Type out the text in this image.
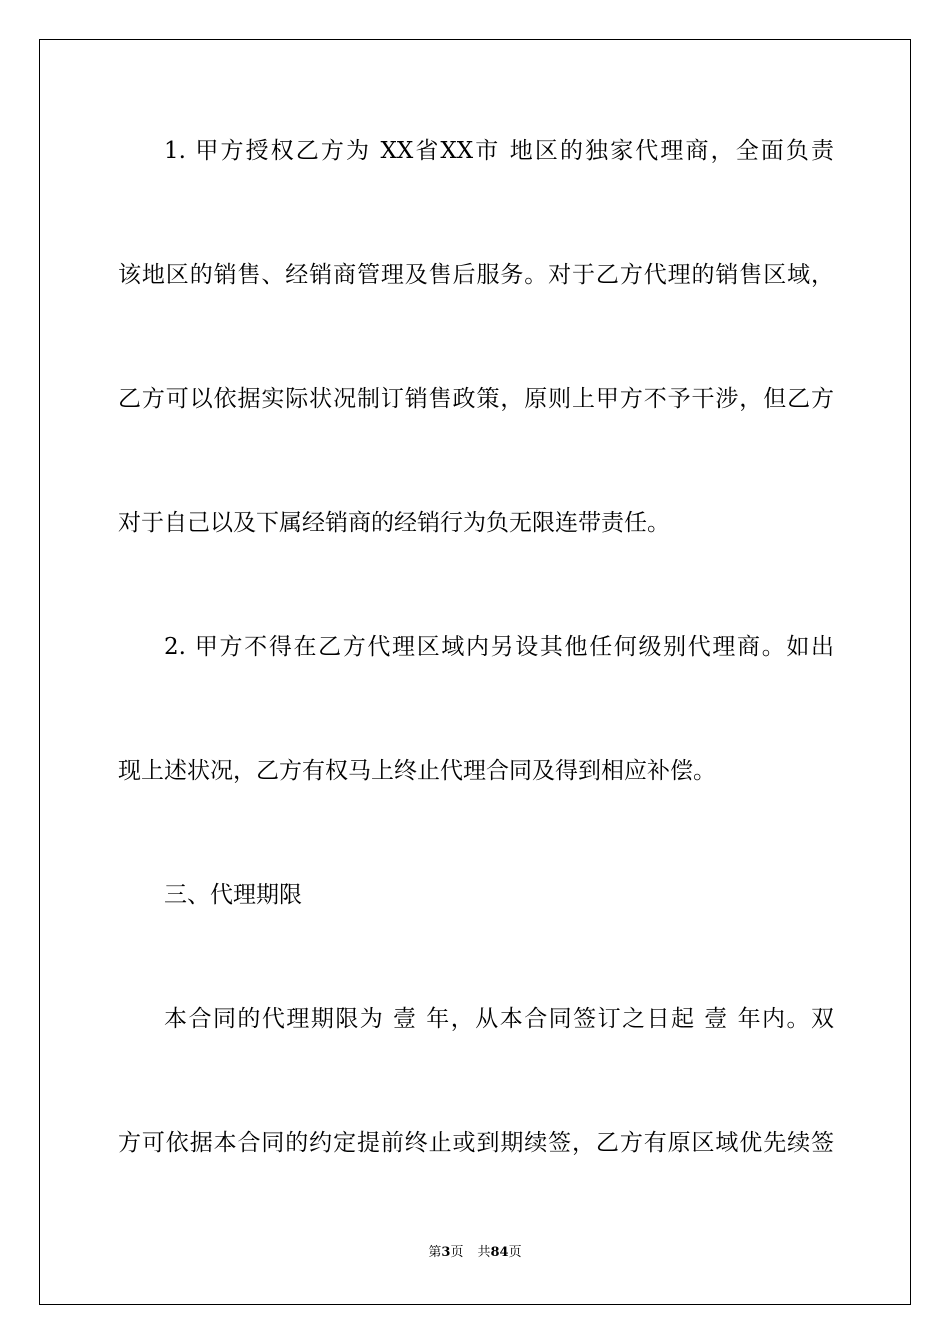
1. 甲方授权乙方为 XX省XX市 地区的独家代理商，全面负责
该地区的销售、经销商管理及售后服务。对于乙方代理的销售区域，
乙方可以依据实际状况制订销售政策，原则上甲方不予干涉，但乙方
对于自己以及下属经销商的经销行为负无限连带责任。
2. 甲方不得在乙方代理区域内另设其他任何级别代理商。如出
现上述状况，乙方有权马上终止代理合同及得到相应补偿。
三、代理期限
本合同的代理期限为 壹 年，从本合同签订之日起 壹 年内。双
方可依据本合同的约定提前终止或到期续签，乙方有原区域优先续签
第3页 共84页
